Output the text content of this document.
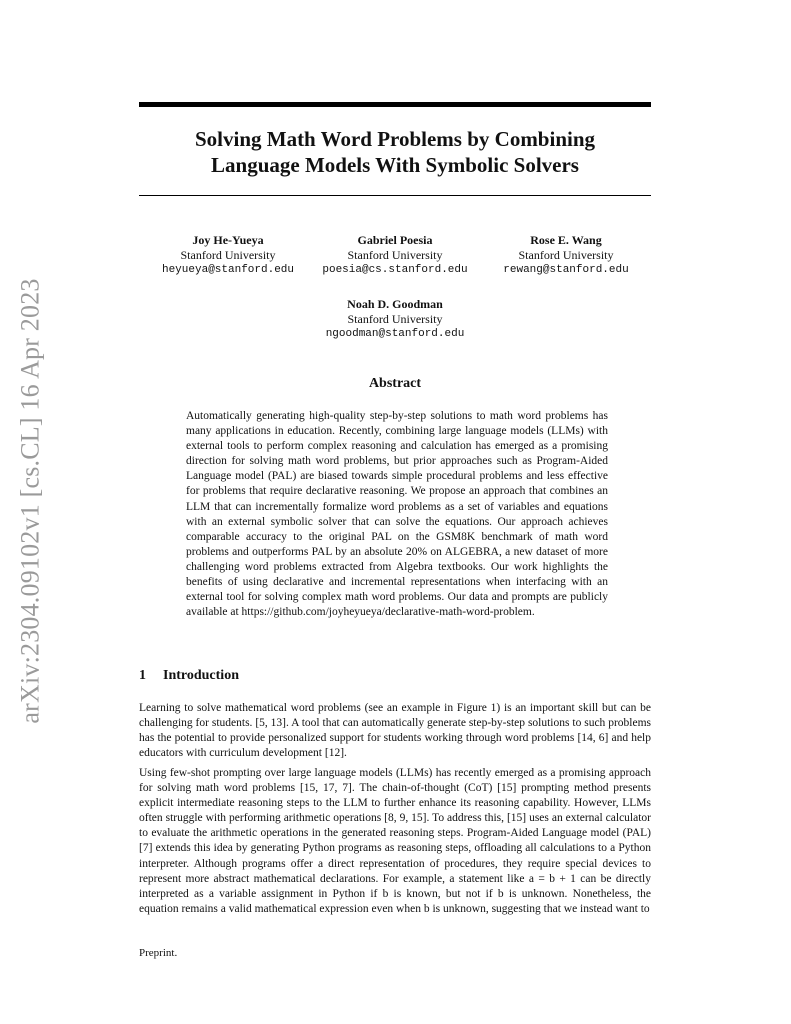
arXiv:2304.09102v1 [cs.CL] 16 Apr 2023
Solving Math Word Problems by Combining
Language Models With Symbolic Solvers
Joy He-Yueya
Stanford University
heyueya@stanford.edu
Gabriel Poesia
Stanford University
poesia@cs.stanford.edu
Rose E. Wang
Stanford University
rewang@stanford.edu
Noah D. Goodman
Stanford University
ngoodman@stanford.edu
Abstract
Automatically generating high-quality step-by-step solutions to math word problems has many applications in education. Recently, combining large language models (LLMs) with external tools to perform complex reasoning and calculation has emerged as a promising direction for solving math word problems, but prior approaches such as Program-Aided Language model (PAL) are biased towards simple procedural problems and less effective for problems that require declarative reasoning. We propose an approach that combines an LLM that can incrementally formalize word problems as a set of variables and equations with an external symbolic solver that can solve the equations. Our approach achieves comparable accuracy to the original PAL on the GSM8K benchmark of math word problems and outperforms PAL by an absolute 20% on ALGEBRA, a new dataset of more challenging word problems extracted from Algebra textbooks. Our work highlights the benefits of using declarative and incremental representations when interfacing with an external tool for solving complex math word problems. Our data and prompts are publicly available at https://github.com/joyheyueya/declarative-math-word-problem.
1 Introduction
Learning to solve mathematical word problems (see an example in Figure 1) is an important skill but can be challenging for students. [5, 13]. A tool that can automatically generate step-by-step solutions to such problems has the potential to provide personalized support for students working through word problems [14, 6] and help educators with curriculum development [12].
Using few-shot prompting over large language models (LLMs) has recently emerged as a promising approach for solving math word problems [15, 17, 7]. The chain-of-thought (CoT) [15] prompting method presents explicit intermediate reasoning steps to the LLM to further enhance its reasoning capability. However, LLMs often struggle with performing arithmetic operations [8, 9, 15]. To address this, [15] uses an external calculator to evaluate the arithmetic operations in the generated reasoning steps. Program-Aided Language model (PAL) [7] extends this idea by generating Python programs as reasoning steps, offloading all calculations to a Python interpreter. Although programs offer a direct representation of procedures, they require special devices to represent more abstract mathematical declarations. For example, a statement like a = b + 1 can be directly interpreted as a variable assignment in Python if b is known, but not if b is unknown. Nonetheless, the equation remains a valid mathematical expression even when b is unknown, suggesting that we instead want to
Preprint.
